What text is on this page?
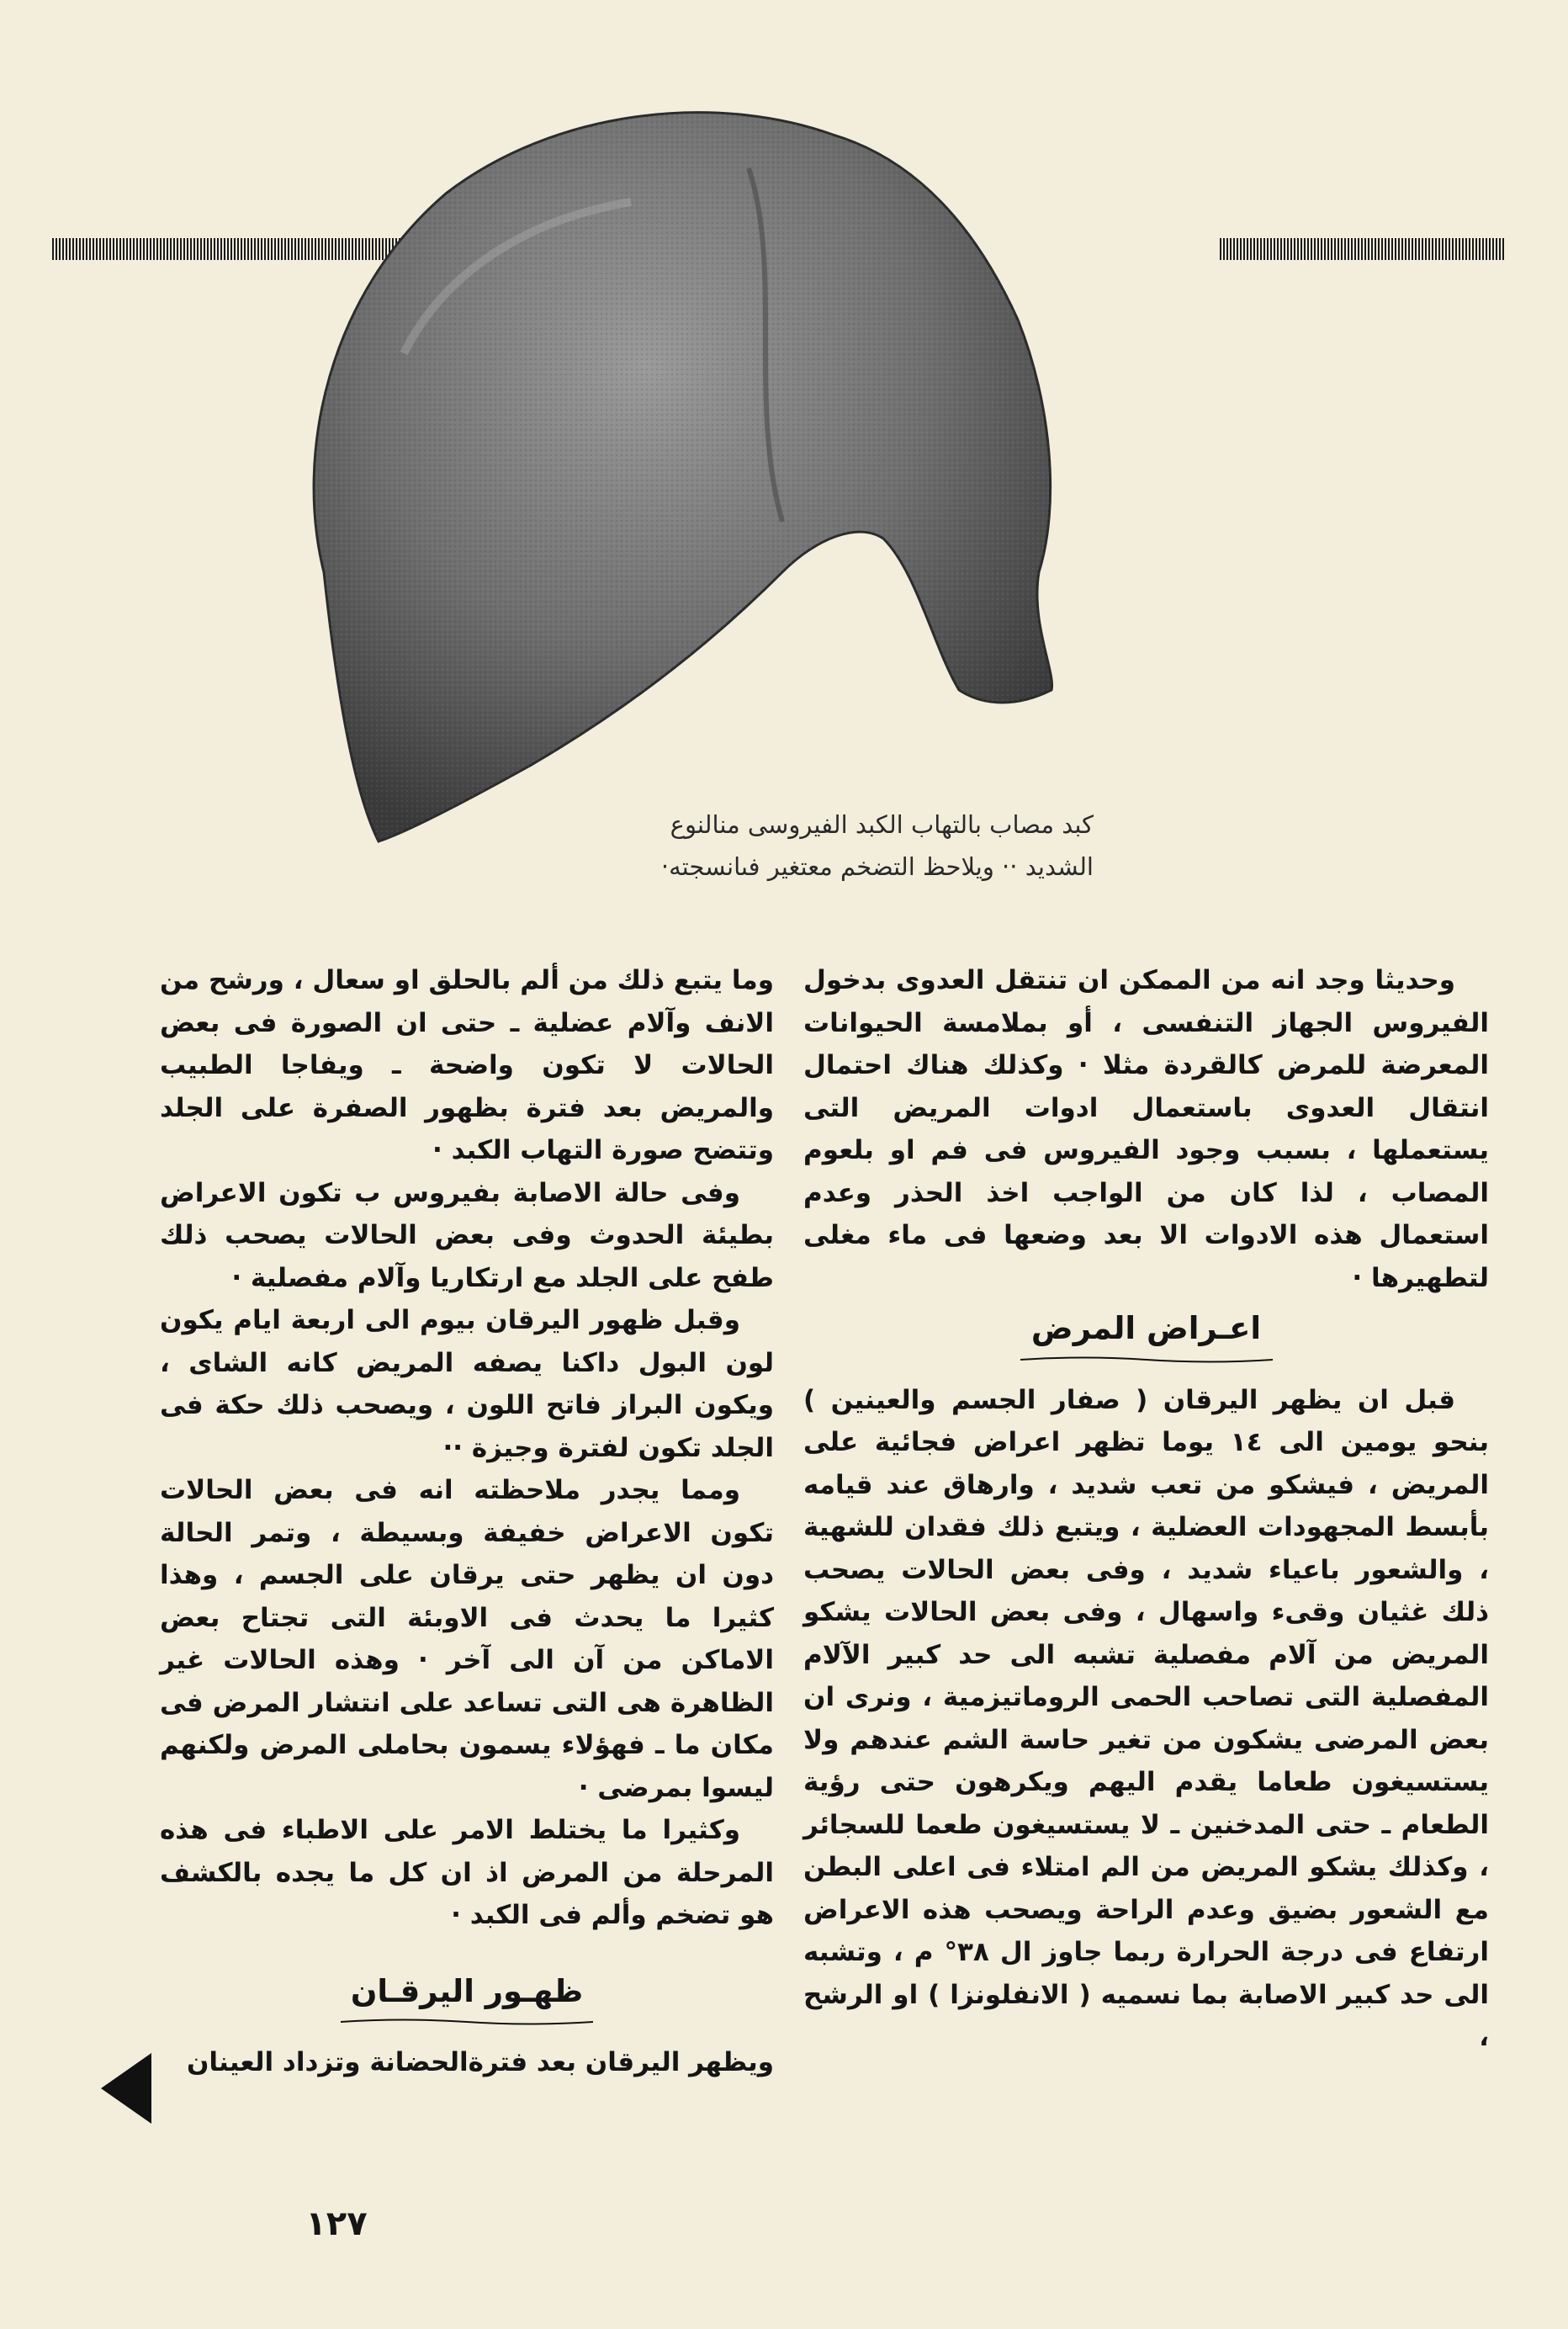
كبد مصاب بالتهاب الكبد الفيروسى منالنوع
الشديد ·· ويلاحظ التضخم معتغير فىانسجته·

وحديثا وجد انه من الممكن ان تنتقل العدوى بدخول الفيروس الجهاز التنفسى ، أو بملامسة الحيوانات المعرضة للمرض كالقردة مثلا · وكذلك هناك احتمال انتقال العدوى باستعمال ادوات المريض التى يستعملها ، بسبب وجود الفيروس فى فم او بلعوم المصاب ، لذا كان من الواجب اخذ الحذر وعدم استعمال هذه الادوات الا بعد وضعها فى ماء مغلى لتطهيرها ·

اعـراض المرض

قبل ان يظهر اليرقان ( صفار الجسم والعينين ) بنحو يومين الى ١٤ يوما تظهر اعراض فجائية على المريض ، فيشكو من تعب شديد ، وارهاق عند قيامه بأبسط المجهودات العضلية ، ويتبع ذلك فقدان للشهية ، والشعور باعياء شديد ، وفى بعض الحالات يصحب ذلك غثيان وقىء واسهال ، وفى بعض الحالات يشكو المريض من آلام مفصلية تشبه الى حد كبير الآلام المفصلية التى تصاحب الحمى الروماتيزمية ، ونرى ان بعض المرضى يشكون من تغير حاسة الشم عندهم ولا يستسيغون طعاما يقدم اليهم ويكرهون حتى رؤية الطعام ـ حتى المدخنين ـ لا يستسيغون طعما للسجائر ، وكذلك يشكو المريض من الم امتلاء فى اعلى البطن مع الشعور بضيق وعدم الراحة ويصحب هذه الاعراض ارتفاع فى درجة الحرارة ربما جاوز ال ٣٨° م ، وتشبه الى حد كبير الاصابة بما نسميه ( الانفلونزا ) او الرشح ،

وما يتبع ذلك من ألم بالحلق او سعال ، ورشح من الانف وآلام عضلية ـ حتى ان الصورة فى بعض الحالات لا تكون واضحة ـ ويفاجا الطبيب والمريض بعد فترة بظهور الصفرة على الجلد وتتضح صورة التهاب الكبد ·

وفى حالة الاصابة بفيروس ب تكون الاعراض بطيئة الحدوث وفى بعض الحالات يصحب ذلك طفح على الجلد مع ارتكاريا وآلام مفصلية ·

وقبل ظهور اليرقان بيوم الى اربعة ايام يكون لون البول داكنا يصفه المريض كانه الشاى ، ويكون البراز فاتح اللون ، ويصحب ذلك حكة فى الجلد تكون لفترة وجيزة ··

ومما يجدر ملاحظته انه فى بعض الحالات تكون الاعراض خفيفة وبسيطة ، وتمر الحالة دون ان يظهر حتى يرقان على الجسم ، وهذا كثيرا ما يحدث فى الاوبئة التى تجتاح بعض الاماكن من آن الى آخر · وهذه الحالات غير الظاهرة هى التى تساعد على انتشار المرض فى مكان ما ـ فهؤلاء يسمون بحاملى المرض ولكنهم ليسوا بمرضى ·

وكثيرا ما يختلط الامر على الاطباء فى هذه المرحلة من المرض اذ ان كل ما يجده بالكشف هو تضخم وألم فى الكبد ·

ظهـور اليرقـان

ويظهر اليرقان بعد فترةالحضانة وتزداد العينان

١٢٧
